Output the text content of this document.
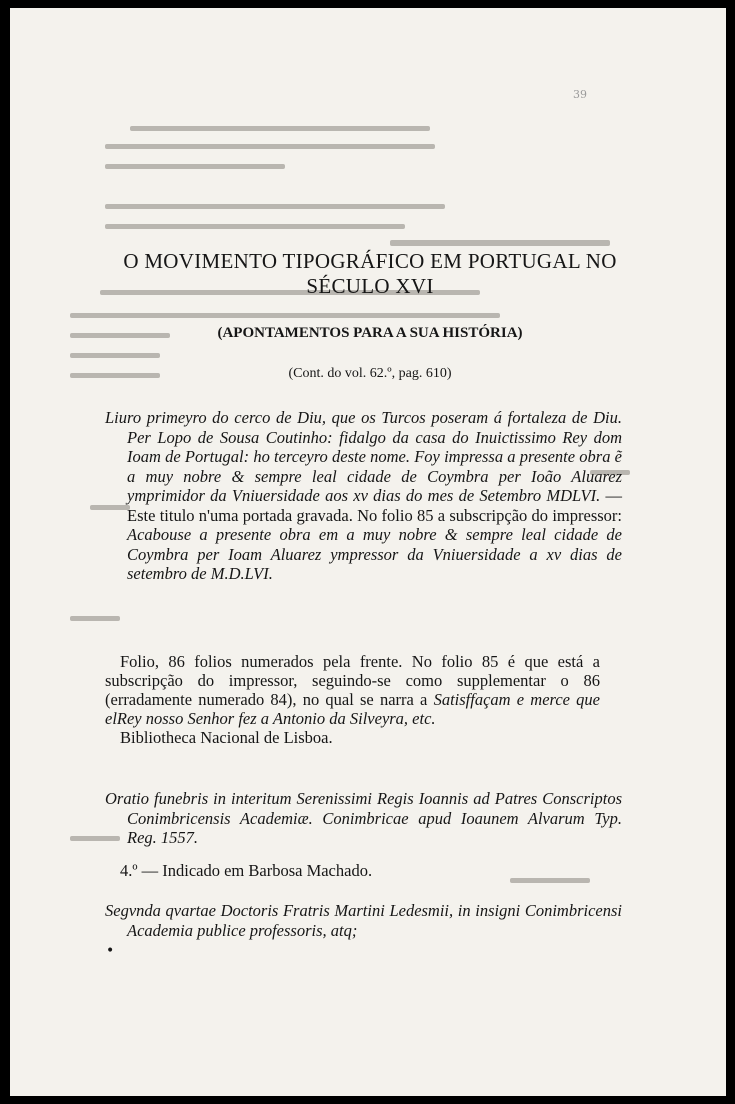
39
O MOVIMENTO TIPOGRÁFICO EM PORTUGAL NO SÉCULO XVI
(APONTAMENTOS PARA A SUA HISTÓRIA)
(Cont. do vol. 62.º, pag. 610)
Liuro primeyro do cerco de Diu, que os Turcos poseram á fortaleza de Diu. Per Lopo de Sousa Coutinho: fidalgo da casa do Inuictissimo Rey dom Ioam de Portugal: ho terceyro deste nome. Foy impressa a presente obra ẽ a muy nobre & sempre leal cidade de Coymbra per Ioão Aluarez ymprimidor da Vniuersidade aos xv dias do mes de Setembro MDLVI. — Este titulo n'uma portada gravada. No folio 85 a subscripção do impressor: Acabouse a presente obra em a muy nobre & sempre leal cidade de Coymbra per Ioam Aluarez ympressor da Vniuersidade a xv dias de setembro de M.D.LVI.
Folio, 86 folios numerados pela frente. No folio 85 é que está a subscripção do impressor, seguindo-se como supplementar o 86 (erradamente numerado 84), no qual se narra a Satisffaçam e merce que elRey nosso Senhor fez a Antonio da Silveyra, etc.
Bibliotheca Nacional de Lisboa.
Oratio funebris in interitum Serenissimi Regis Ioannis ad Patres Conscriptos Conimbricensis Academiæ. Conimbricae apud Ioaunem Alvarum Typ. Reg. 1557.
4.º — Indicado em Barbosa Machado.
Segvnda qvartae Doctoris Fratris Martini Ledesmii, in insigni Conimbricensi Academia publice professoris, atq;
•
